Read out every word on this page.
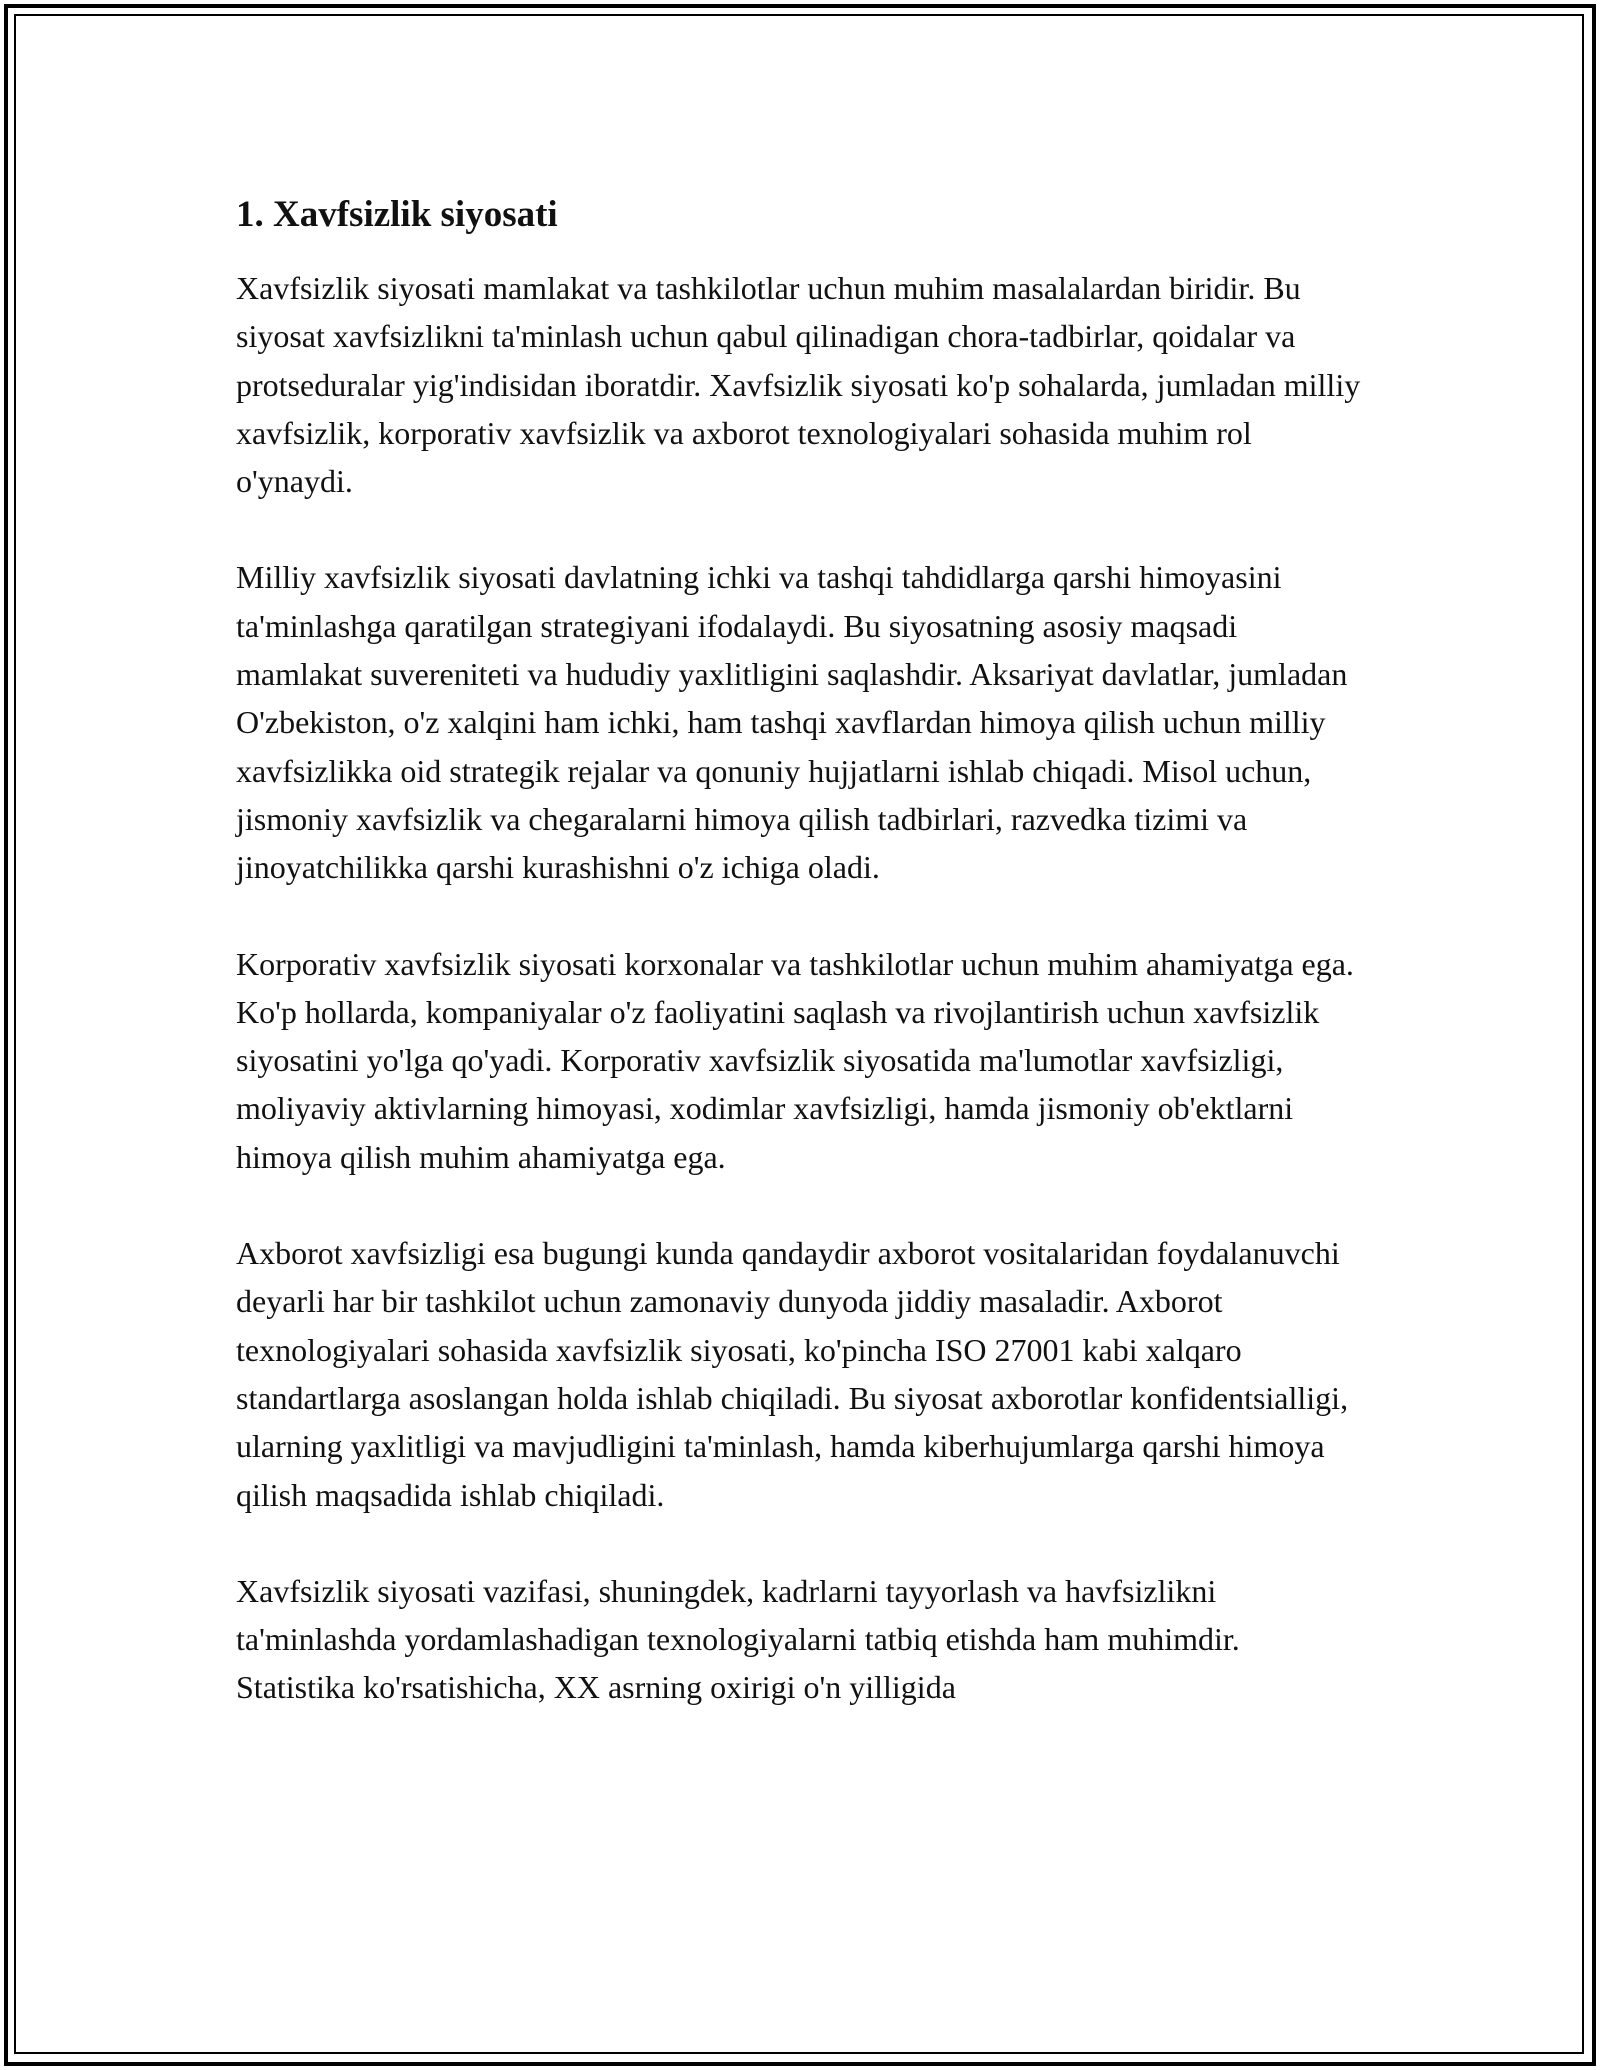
1. Xavfsizlik siyosati

Xavfsizlik siyosati mamlakat va tashkilotlar uchun muhim masalalardan biridir. Bu siyosat xavfsizlikni ta'minlash uchun qabul qilinadigan chora-tadbirlar, qoidalar va protseduralar yig'indisidan iboratdir. Xavfsizlik siyosati ko'p sohalarda, jumladan milliy xavfsizlik, korporativ xavfsizlik va axborot texnologiyalari sohasida muhim rol o'ynaydi.

Milliy xavfsizlik siyosati davlatning ichki va tashqi tahdidlarga qarshi himoyasini ta'minlashga qaratilgan strategiyani ifodalaydi. Bu siyosatning asosiy maqsadi mamlakat suvereniteti va hududiy yaxlitligini saqlashdir. Aksariyat davlatlar, jumladan O'zbekiston, o'z xalqini ham ichki, ham tashqi xavflardan himoya qilish uchun milliy xavfsizlikka oid strategik rejalar va qonuniy hujjatlarni ishlab chiqadi. Misol uchun, jismoniy xavfsizlik va chegaralarni himoya qilish tadbirlari, razvedka tizimi va jinoyatchilikka qarshi kurashishni o'z ichiga oladi.

Korporativ xavfsizlik siyosati korxonalar va tashkilotlar uchun muhim ahamiyatga ega. Ko'p hollarda, kompaniyalar o'z faoliyatini saqlash va rivojlantirish uchun xavfsizlik siyosatini yo'lga qo'yadi. Korporativ xavfsizlik siyosatida ma'lumotlar xavfsizligi, moliyaviy aktivlarning himoyasi, xodimlar xavfsizligi, hamda jismoniy ob'ektlarni himoya qilish muhim ahamiyatga ega.

Axborot xavfsizligi esa bugungi kunda qandaydir axborot vositalaridan foydalanuvchi deyarli har bir tashkilot uchun zamonaviy dunyoda jiddiy masaladir. Axborot texnologiyalari sohasida xavfsizlik siyosati, ko'pincha ISO 27001 kabi xalqaro standartlarga asoslangan holda ishlab chiqiladi. Bu siyosat axborotlar konfidentsialligi, ularning yaxlitligi va mavjudligini ta'minlash, hamda kiberhujumlarga qarshi himoya qilish maqsadida ishlab chiqiladi.

Xavfsizlik siyosati vazifasi, shuningdek, kadrlarni tayyorlash va havfsizlikni ta'minlashda yordamlashadigan texnologiyalarni tatbiq etishda ham muhimdir. Statistika ko'rsatishicha, XX asrning oxirigi o'n yilligida
